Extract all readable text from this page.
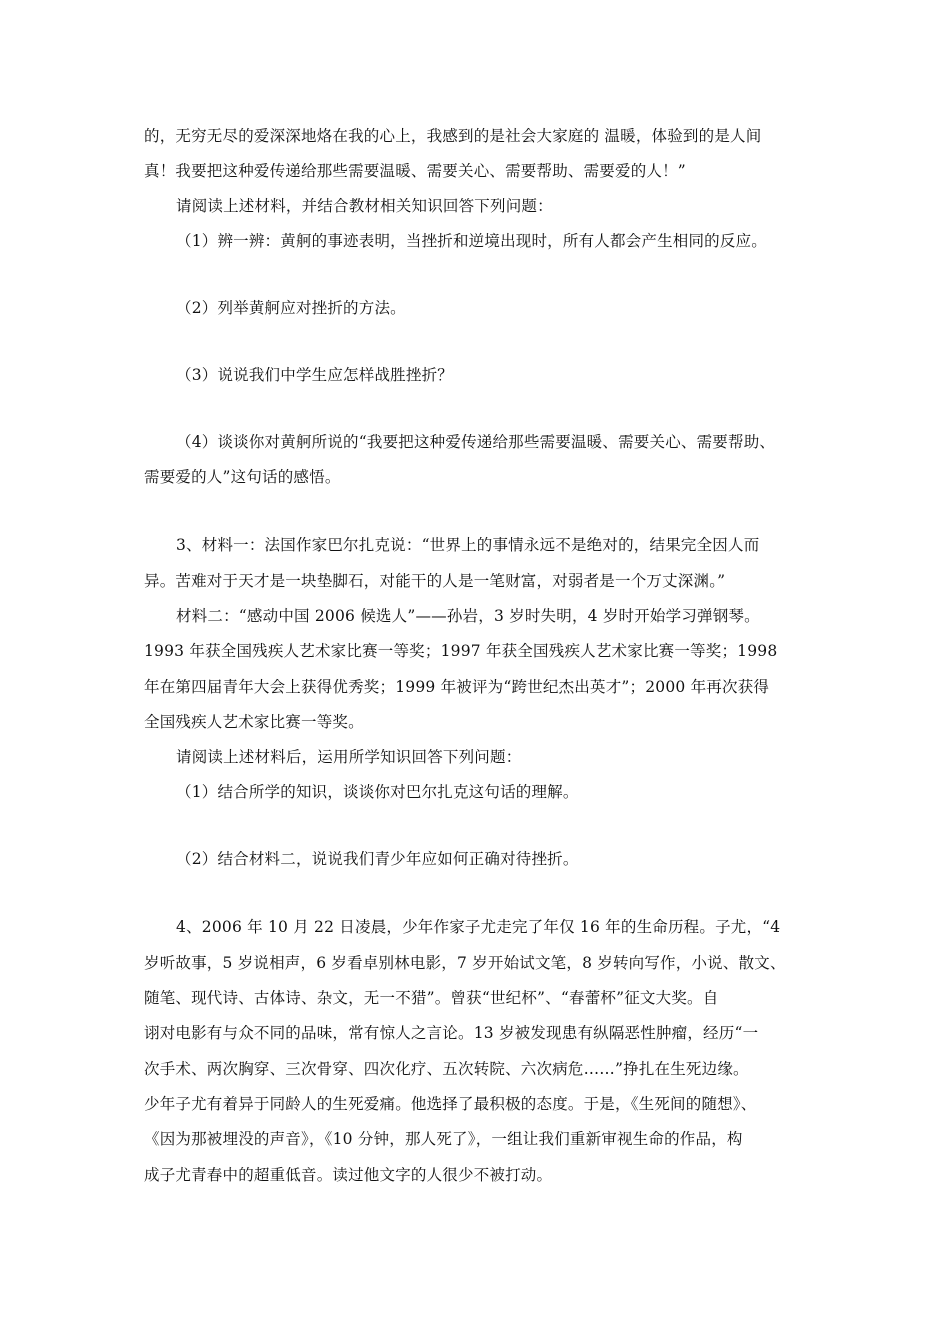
的，无穷无尽的爱深深地烙在我的心上，我感到的是社会大家庭的 温暖，体验到的是人间
真！我要把这种爱传递给那些需要温暖、需要关心、需要帮助、需要爱的人！”
请阅读上述材料，并结合教材相关知识回答下列问题：
（1）辨一辨：黄舸的事迹表明，当挫折和逆境出现时，所有人都会产生相同的反应。
（2）列举黄舸应对挫折的方法。
（3）说说我们中学生应怎样战胜挫折？
（4）谈谈你对黄舸所说的“我要把这种爱传递给那些需要温暖、需要关心、需要帮助、
需要爱的人”这句话的感悟。
3、材料一：法国作家巴尔扎克说：“世界上的事情永远不是绝对的，结果完全因人而
异。苦难对于天才是一块垫脚石，对能干的人是一笔财富，对弱者是一个万丈深渊。”
材料二：“感动中国 2006 候选人”——孙岩，3 岁时失明，4 岁时开始学习弹钢琴。
1993 年获全国残疾人艺术家比赛一等奖；1997 年获全国残疾人艺术家比赛一等奖；1998
年在第四届青年大会上获得优秀奖；1999 年被评为“跨世纪杰出英才”；2000 年再次获得
全国残疾人艺术家比赛一等奖。
请阅读上述材料后，运用所学知识回答下列问题：
（1）结合所学的知识，谈谈你对巴尔扎克这句话的理解。
（2）结合材料二，说说我们青少年应如何正确对待挫折。
4、2006 年 10 月 22 日凌晨，少年作家子尤走完了年仅 16 年的生命历程。子尤，“4
岁听故事，5 岁说相声，6 岁看卓别林电影，7 岁开始试文笔，8 岁转向写作，小说、散文、
随笔、现代诗、古体诗、杂文，无一不猎”。曾获“世纪杯”、“春蕾杯”征文大奖。自
诩对电影有与众不同的品味，常有惊人之言论。13 岁被发现患有纵隔恶性肿瘤，经历“一
次手术、两次胸穿、三次骨穿、四次化疗、五次转院、六次病危……”挣扎在生死边缘。
少年子尤有着异于同龄人的生死爱痛。他选择了最积极的态度。于是，《生死间的随想》、
《因为那被埋没的声音》，《10 分钟，那人死了》，一组让我们重新审视生命的作品，构
成子尤青春中的超重低音。读过他文字的人很少不被打动。
